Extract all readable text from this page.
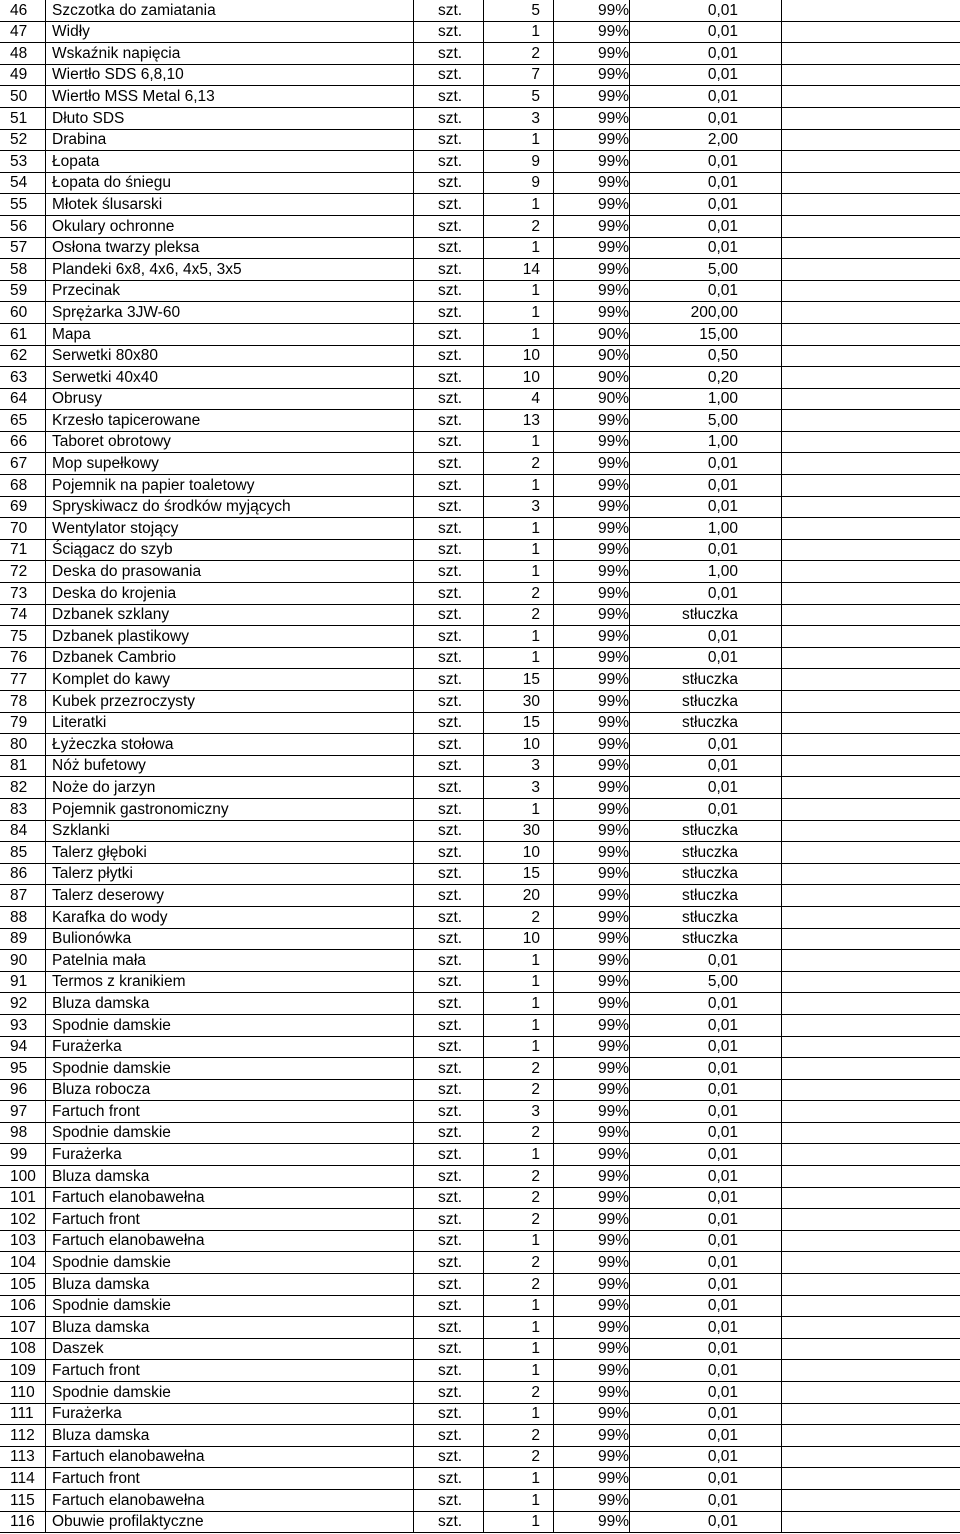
46	Szczotka do zamiatania	szt.	5	99%	0,01	
47	Widły	szt.	1	99%	0,01	
48	Wskaźnik napięcia	szt.	2	99%	0,01	
49	Wiertło SDS 6,8,10	szt.	7	99%	0,01	
50	Wiertło MSS Metal 6,13	szt.	5	99%	0,01	
51	Dłuto SDS	szt.	3	99%	0,01	
52	Drabina	szt.	1	99%	2,00	
53	Łopata	szt.	9	99%	0,01	
54	Łopata do śniegu	szt.	9	99%	0,01	
55	Młotek ślusarski	szt.	1	99%	0,01	
56	Okulary ochronne	szt.	2	99%	0,01	
57	Osłona twarzy pleksa	szt.	1	99%	0,01	
58	Plandeki 6x8, 4x6, 4x5, 3x5	szt.	14	99%	5,00	
59	Przecinak	szt.	1	99%	0,01	
60	Sprężarka 3JW-60	szt.	1	99%	200,00	
61	Mapa	szt.	1	90%	15,00	
62	Serwetki 80x80	szt.	10	90%	0,50	
63	Serwetki 40x40	szt.	10	90%	0,20	
64	Obrusy	szt.	4	90%	1,00	
65	Krzesło tapicerowane	szt.	13	99%	5,00	
66	Taboret obrotowy	szt.	1	99%	1,00	
67	Mop supełkowy	szt.	2	99%	0,01	
68	Pojemnik na papier toaletowy	szt.	1	99%	0,01	
69	Spryskiwacz do środków myjących	szt.	3	99%	0,01	
70	Wentylator stojący	szt.	1	99%	1,00	
71	Ściągacz do szyb	szt.	1	99%	0,01	
72	Deska do prasowania	szt.	1	99%	1,00	
73	Deska do krojenia	szt.	2	99%	0,01	
74	Dzbanek szklany	szt.	2	99%	stłuczka	
75	Dzbanek plastikowy	szt.	1	99%	0,01	
76	Dzbanek Cambrio	szt.	1	99%	0,01	
77	Komplet do kawy	szt.	15	99%	stłuczka	
78	Kubek przezroczysty	szt.	30	99%	stłuczka	
79	Literatki	szt.	15	99%	stłuczka	
80	Łyżeczka stołowa	szt.	10	99%	0,01	
81	Nóż bufetowy	szt.	3	99%	0,01	
82	Noże do jarzyn	szt.	3	99%	0,01	
83	Pojemnik gastronomiczny	szt.	1	99%	0,01	
84	Szklanki	szt.	30	99%	stłuczka	
85	Talerz głęboki	szt.	10	99%	stłuczka	
86	Talerz płytki	szt.	15	99%	stłuczka	
87	Talerz deserowy	szt.	20	99%	stłuczka	
88	Karafka do wody	szt.	2	99%	stłuczka	
89	Bulionówka	szt.	10	99%	stłuczka	
90	Patelnia mała	szt.	1	99%	0,01	
91	Termos z kranikiem	szt.	1	99%	5,00	
92	Bluza damska	szt.	1	99%	0,01	
93	Spodnie damskie	szt.	1	99%	0,01	
94	Furażerka	szt.	1	99%	0,01	
95	Spodnie damskie	szt.	2	99%	0,01	
96	Bluza robocza	szt.	2	99%	0,01	
97	Fartuch front	szt.	3	99%	0,01	
98	Spodnie damskie	szt.	2	99%	0,01	
99	Furażerka	szt.	1	99%	0,01	
100	Bluza damska	szt.	2	99%	0,01	
101	Fartuch elanobawełna	szt.	2	99%	0,01	
102	Fartuch front	szt.	2	99%	0,01	
103	Fartuch elanobawełna	szt.	1	99%	0,01	
104	Spodnie damskie	szt.	2	99%	0,01	
105	Bluza damska	szt.	2	99%	0,01	
106	Spodnie damskie	szt.	1	99%	0,01	
107	Bluza damska	szt.	1	99%	0,01	
108	Daszek	szt.	1	99%	0,01	
109	Fartuch front	szt.	1	99%	0,01	
110	Spodnie damskie	szt.	2	99%	0,01	
111	Furażerka	szt.	1	99%	0,01	
112	Bluza damska	szt.	2	99%	0,01	
113	Fartuch elanobawełna	szt.	2	99%	0,01	
114	Fartuch front	szt.	1	99%	0,01	
115	Fartuch elanobawełna	szt.	1	99%	0,01	
116	Obuwie profilaktyczne	szt.	1	99%	0,01	
